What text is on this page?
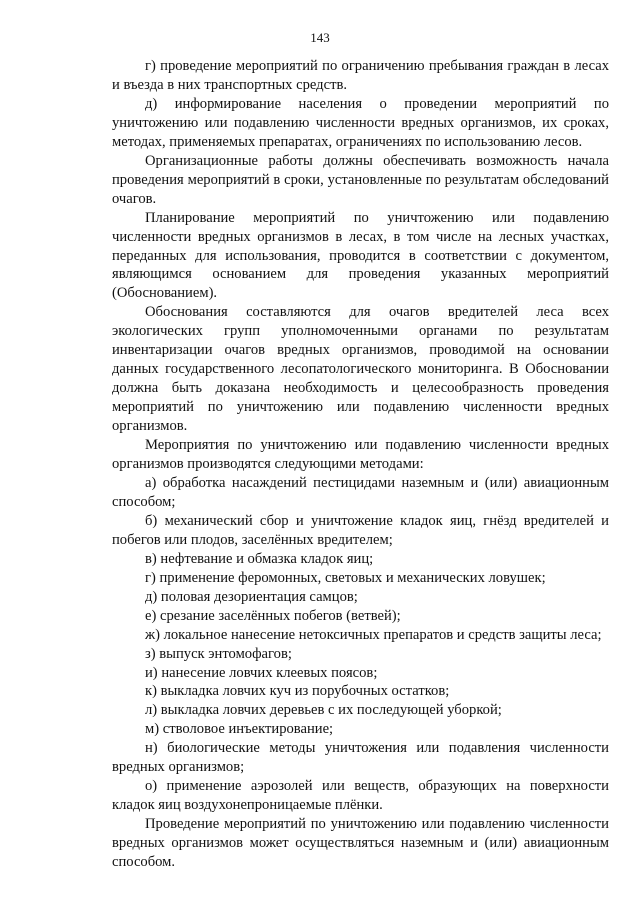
143

г) проведение мероприятий по ограничению пребывания граждан в лесах и въезда в них транспортных средств.

д) информирование населения о проведении мероприятий по уничтожению или подавлению численности вредных организмов, их сроках, методах, применяемых препаратах, ограничениях по использованию лесов.

Организационные работы должны обеспечивать возможность начала проведения мероприятий в сроки, установленные по результатам обследований очагов.

Планирование мероприятий по уничтожению или подавлению численности вредных организмов в лесах, в том числе на лесных участках, переданных для использования, проводится в соответствии с документом, являющимся основанием для проведения указанных мероприятий (Обоснованием).

Обоснования составляются для очагов вредителей леса всех экологических групп уполномоченными органами по результатам инвентаризации очагов вредных организмов, проводимой на основании данных государственного лесопатологического мониторинга. В Обосновании должна быть доказана необходимость и целесообразность проведения мероприятий по уничтожению или подавлению численности вредных организмов.

Мероприятия по уничтожению или подавлению численности вредных организмов производятся следующими методами:

а) обработка насаждений пестицидами наземным и (или) авиационным способом;

б) механический сбор и уничтожение кладок яиц, гнёзд вредителей и побегов или плодов, заселённых вредителем;

в) нефтевание и обмазка кладок яиц;

г) применение феромонных, световых и механических ловушек;

д) половая дезориентация самцов;

е) срезание заселённых побегов (ветвей);

ж) локальное нанесение нетоксичных препаратов и средств защиты леса;

з) выпуск энтомофагов;

и) нанесение ловчих клеевых поясов;

к) выкладка ловчих куч из порубочных остатков;

л) выкладка ловчих деревьев с их последующей уборкой;

м) стволовое инъектирование;

н) биологические методы уничтожения или подавления численности вредных организмов;

о) применение аэрозолей или веществ, образующих на поверхности кладок яиц воздухонепроницаемые плёнки.

Проведение мероприятий по уничтожению или подавлению численности вредных организмов может осуществляться наземным и (или) авиационным способом.
